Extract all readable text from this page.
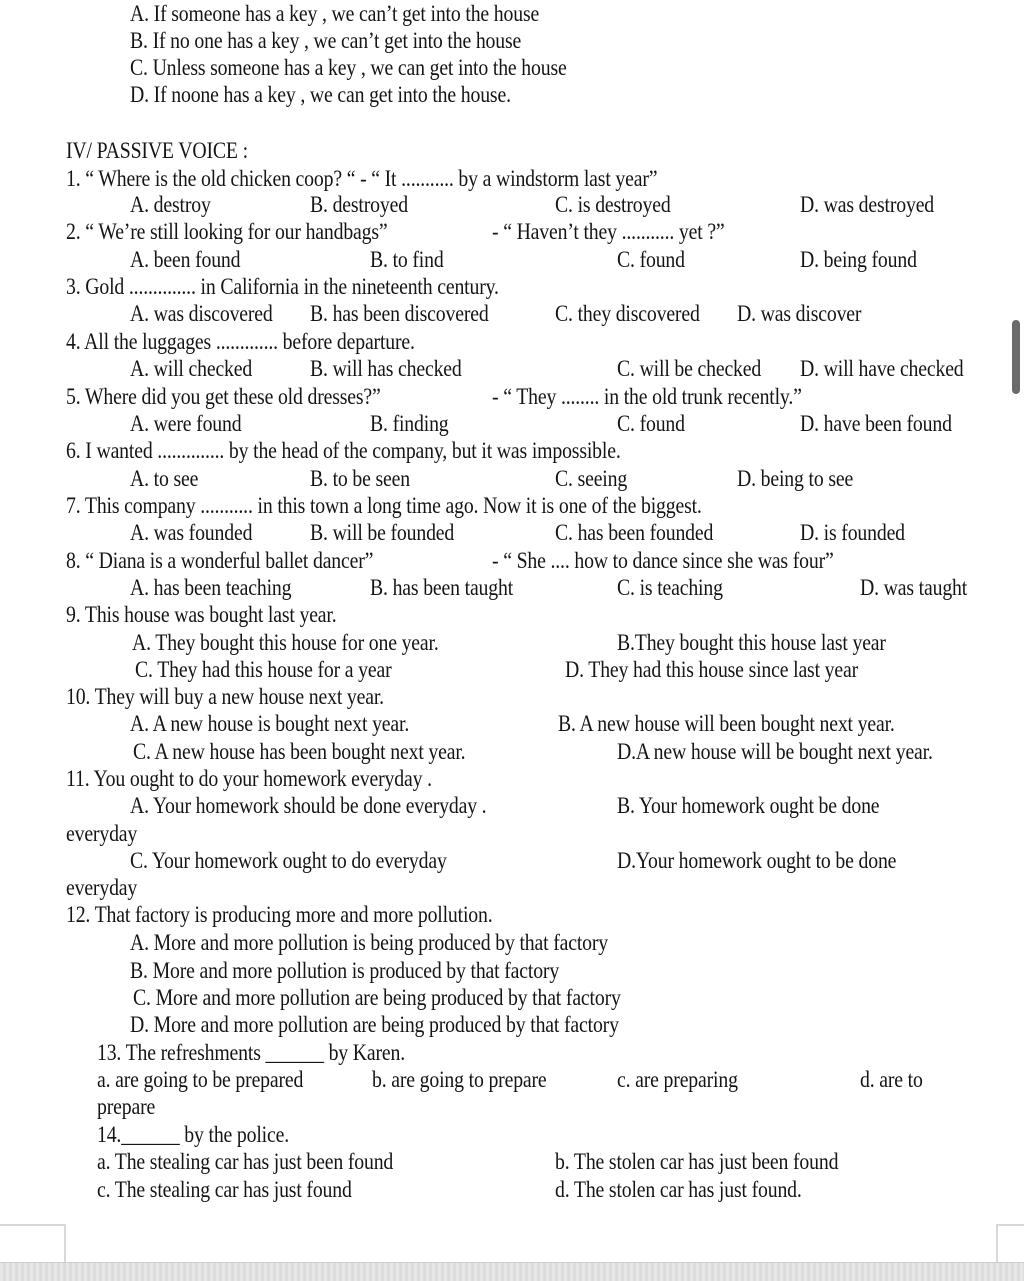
A. If someone has a key , we can’t get into the house
B. If no one has a key , we can’t get into the house
C. Unless someone has a key , we can get into the house
D. If noone has a key , we can get into the house.
IV/ PASSIVE VOICE :
1. “ Where is the old chicken coop? “ - “ It ........... by a windstorm last year”
A. destroy	B. destroyed	C. is destroyed	D. was destroyed
2. “ We’re still looking for our handbags”	- “ Haven’t they ........... yet ?”
A. been found	B. to find	C. found	D. being found
3. Gold .............. in California in the nineteenth century.
A. was discovered B. has been discovered	C. they discovered D. was discover
4. All the luggages ............. before departure.
A. will checked	B. will has checked	C. will be checked D. will have checked
5. Where did you get these old dresses?”	- “ They ........ in the old trunk recently.”
A. were found	B. finding	C. found	D. have been found
6. I wanted .............. by the head of the company, but it was impossible.
A. to see	B. to be seen	C. seeing	D. being to see
7. This company ........... in this town a long time ago. Now it is one of the biggest.
A. was founded	B. will be founded	C. has been founded	D. is founded
8. “ Diana is a wonderful ballet dancer”	- “ She .... how to dance since she was four”
A. has been teaching	B. has been taught	C. is teaching	D. was taught
9. This house was bought last year.
A. They bought this house for one year.	B.They bought this house last year
C. They had this house for a year	D. They had this house since last year
10. They will buy a new house next year.
A. A new house is bought next year.	B. A new house will been bought next year.
C. A new house has been bought next year.	D.A new house will be bought next year.
11. You ought to do your homework everyday .
A. Your homework should be done everyday .	B. Your homework ought be done
everyday
C. Your homework ought to do everyday	D.Your homework ought to be done
everyday
12. That factory is producing more and more pollution.
A. More and more pollution is being produced by that factory
B. More and more pollution is produced by that factory
C. More and more pollution are being produced by that factory
D. More and more pollution are being produced by that factory
13. The refreshments ______ by Karen.
a. are going to be prepared	b. are going to prepare	c. are preparing	d. are to
prepare
14.______ by the police.
a. The stealing car has just been found	b. The stolen car has just been found
c. The stealing car has just found	d. The stolen car has just found.
